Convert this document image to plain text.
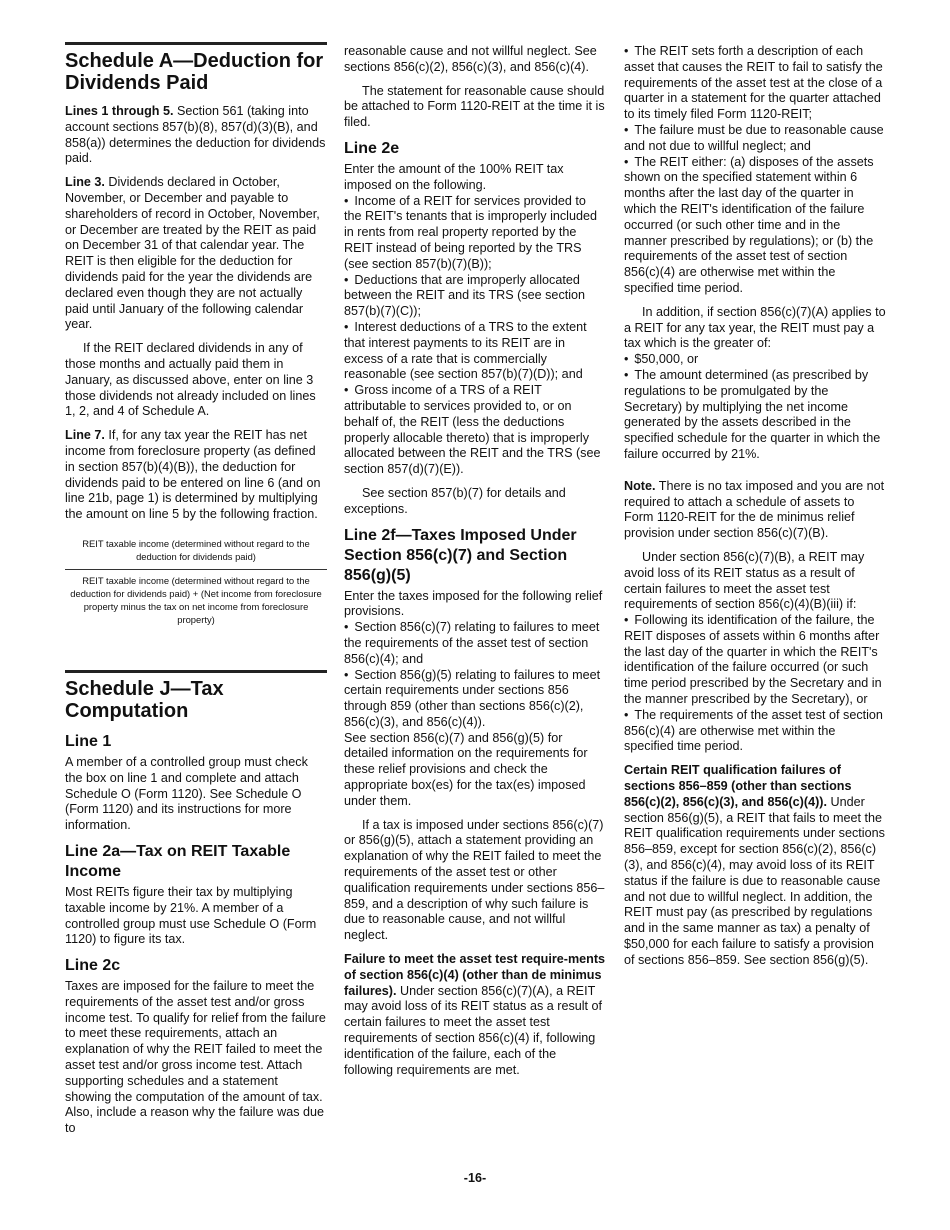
Schedule A—Deduction for Dividends Paid

Lines 1 through 5. Section 561 (taking into account sections 857(b)(8), 857(d)(3)(B), and 858(a)) determines the deduction for dividends paid.

Line 3. Dividends declared in October, November, or December and payable to shareholders of record in October, November, or December are treated by the REIT as paid on December 31 of that calendar year. The REIT is then eligible for the deduction for dividends paid for the year the dividends are declared even though they are not actually paid until January of the following calendar year.

If the REIT declared dividends in any of those months and actually paid them in January, as discussed above, enter on line 3 those dividends not already included on lines 1, 2, and 4 of Schedule A.

Line 7. If, for any tax year the REIT has net income from foreclosure property (as defined in section 857(b)(4)(B)), the deduction for dividends paid to be entered on line 6 (and on line 21b, page 1) is determined by multiplying the amount on line 5 by the following fraction.

REIT taxable income (determined without regard to the deduction for dividends paid)
REIT taxable income (determined without regard to the deduction for dividends paid) + (Net income from foreclosure property minus the tax on net income from foreclosure property)
Schedule J—Tax Computation
Line 1

A member of a controlled group must check the box on line 1 and complete and attach Schedule O (Form 1120). See Schedule O (Form 1120) and its instructions for more information.

Line 2a—Tax on REIT Taxable Income

Most REITs figure their tax by multiplying taxable income by 21%. A member of a controlled group must use Schedule O (Form 1120) to figure its tax.

Line 2c

Taxes are imposed for the failure to meet the requirements of the asset test and/or gross income test. To qualify for relief from the failure to meet these requirements, attach an explanation of why the REIT failed to meet the asset test and/or gross income test. Attach supporting schedules and a statement showing the computation of the amount of tax. Also, include a reason why the failure was due to

reasonable cause and not willful neglect. See sections 856(c)(2), 856(c)(3), and 856(c)(4).

The statement for reasonable cause should be attached to Form 1120-REIT at the time it is filed.

Line 2e

Enter the amount of the 100% REIT tax imposed on the following.

• Income of a REIT for services provided to the REIT's tenants that is improperly included in rents from real property reported by the REIT instead of being reported by the TRS (see section 857(b)(7)(B));
• Deductions that are improperly allocated between the REIT and its TRS (see section 857(b)(7)(C));
• Interest deductions of a TRS to the extent that interest payments to its REIT are in excess of a rate that is commercially reasonable (see section 857(b)(7)(D)); and

• Gross income of a TRS of a REIT attributable to services provided to, or on behalf of, the REIT (less the deductions properly allocable thereto) that is improperly allocated between the REIT and the TRS (see section 857(d)(7)(E)).

See section 857(b)(7) for details and exceptions.

Line 2f—Taxes Imposed Under Section 856(c)(7) and Section 856(g)(5)
Enter the taxes imposed for the following relief provisions.
• Section 856(c)(7) relating to failures to meet the requirements of the asset test of section 856(c)(4); and
• Section 856(g)(5) relating to failures to meet certain requirements under sections 856 through 859 (other than sections 856(c)(2), 856(c)(3), and 856(c)(4)).

See section 856(c)(7) and 856(g)(5) for detailed information on the requirements for these relief provisions and check the appropriate box(es) for the tax(es) imposed under them.

If a tax is imposed under sections 856(c)(7) or 856(g)(5), attach a statement providing an explanation of why the REIT failed to meet the requirements of the asset test or other qualification requirements under sections 856–859, and a description of why such failure is due to reasonable cause, and not willful neglect.

Failure to meet the asset test require-ments of section 856(c)(4) (other than de minimus failures). Under section 856(c)(7)(A), a REIT may avoid loss of its REIT status as a result of certain failures to meet the asset test requirements of section 856(c)(4) if, following identification of the failure, each of the following requirements are met.

• The REIT sets forth a description of each asset that causes the REIT to fail to satisfy the requirements of the asset test at the close of a quarter in a statement for the quarter attached to its timely filed Form 1120-REIT;
• The failure must be due to reasonable cause and not due to willful neglect; and

• The REIT either: (a) disposes of the assets shown on the specified statement within 6 months after the last day of the quarter in which the REIT's identification of the failure occurred (or such other time and in the manner prescribed by regulations); or (b) the requirements of the asset test of section 856(c)(4) are otherwise met within the specified time period.

In addition, if section 856(c)(7)(A) applies to a REIT for any tax year, the REIT must pay a tax which is the greater of:

• $50,000, or

• The amount determined (as prescribed by regulations to be promulgated by the Secretary) by multiplying the net income generated by the assets described in the specified schedule for the quarter in which the failure occurred by 21%.

Note. There is no tax imposed and you are not required to attach a schedule of assets to Form 1120-REIT for the de minimus relief provision under section 856(c)(7)(B).

Under section 856(c)(7)(B), a REIT may avoid loss of its REIT status as a result of certain failures to meet the asset test requirements of section 856(c)(4)(B)(iii) if:

• Following its identification of the failure, the REIT disposes of assets within 6 months after the last day of the quarter in which the REIT's identification of the failure occurred (or such time period prescribed by the Secretary and in the manner prescribed by the Secretary), or

• The requirements of the asset test of section 856(c)(4) are otherwise met within the specified time period.

Certain REIT qualification failures of sections 856–859 (other than sections 856(c)(2), 856(c)(3), and 856(c)(4)). Under section 856(g)(5), a REIT that fails to meet the REIT qualification requirements under sections 856–859, except for section 856(c)(2), 856(c)(3), and 856(c)(4), may avoid loss of its REIT status if the failure is due to reasonable cause and not due to willful neglect. In addition, the REIT must pay (as prescribed by regulations and in the same manner as tax) a penalty of $50,000 for each failure to satisfy a provision of sections 856–859. See section 856(g)(5).

-16-
